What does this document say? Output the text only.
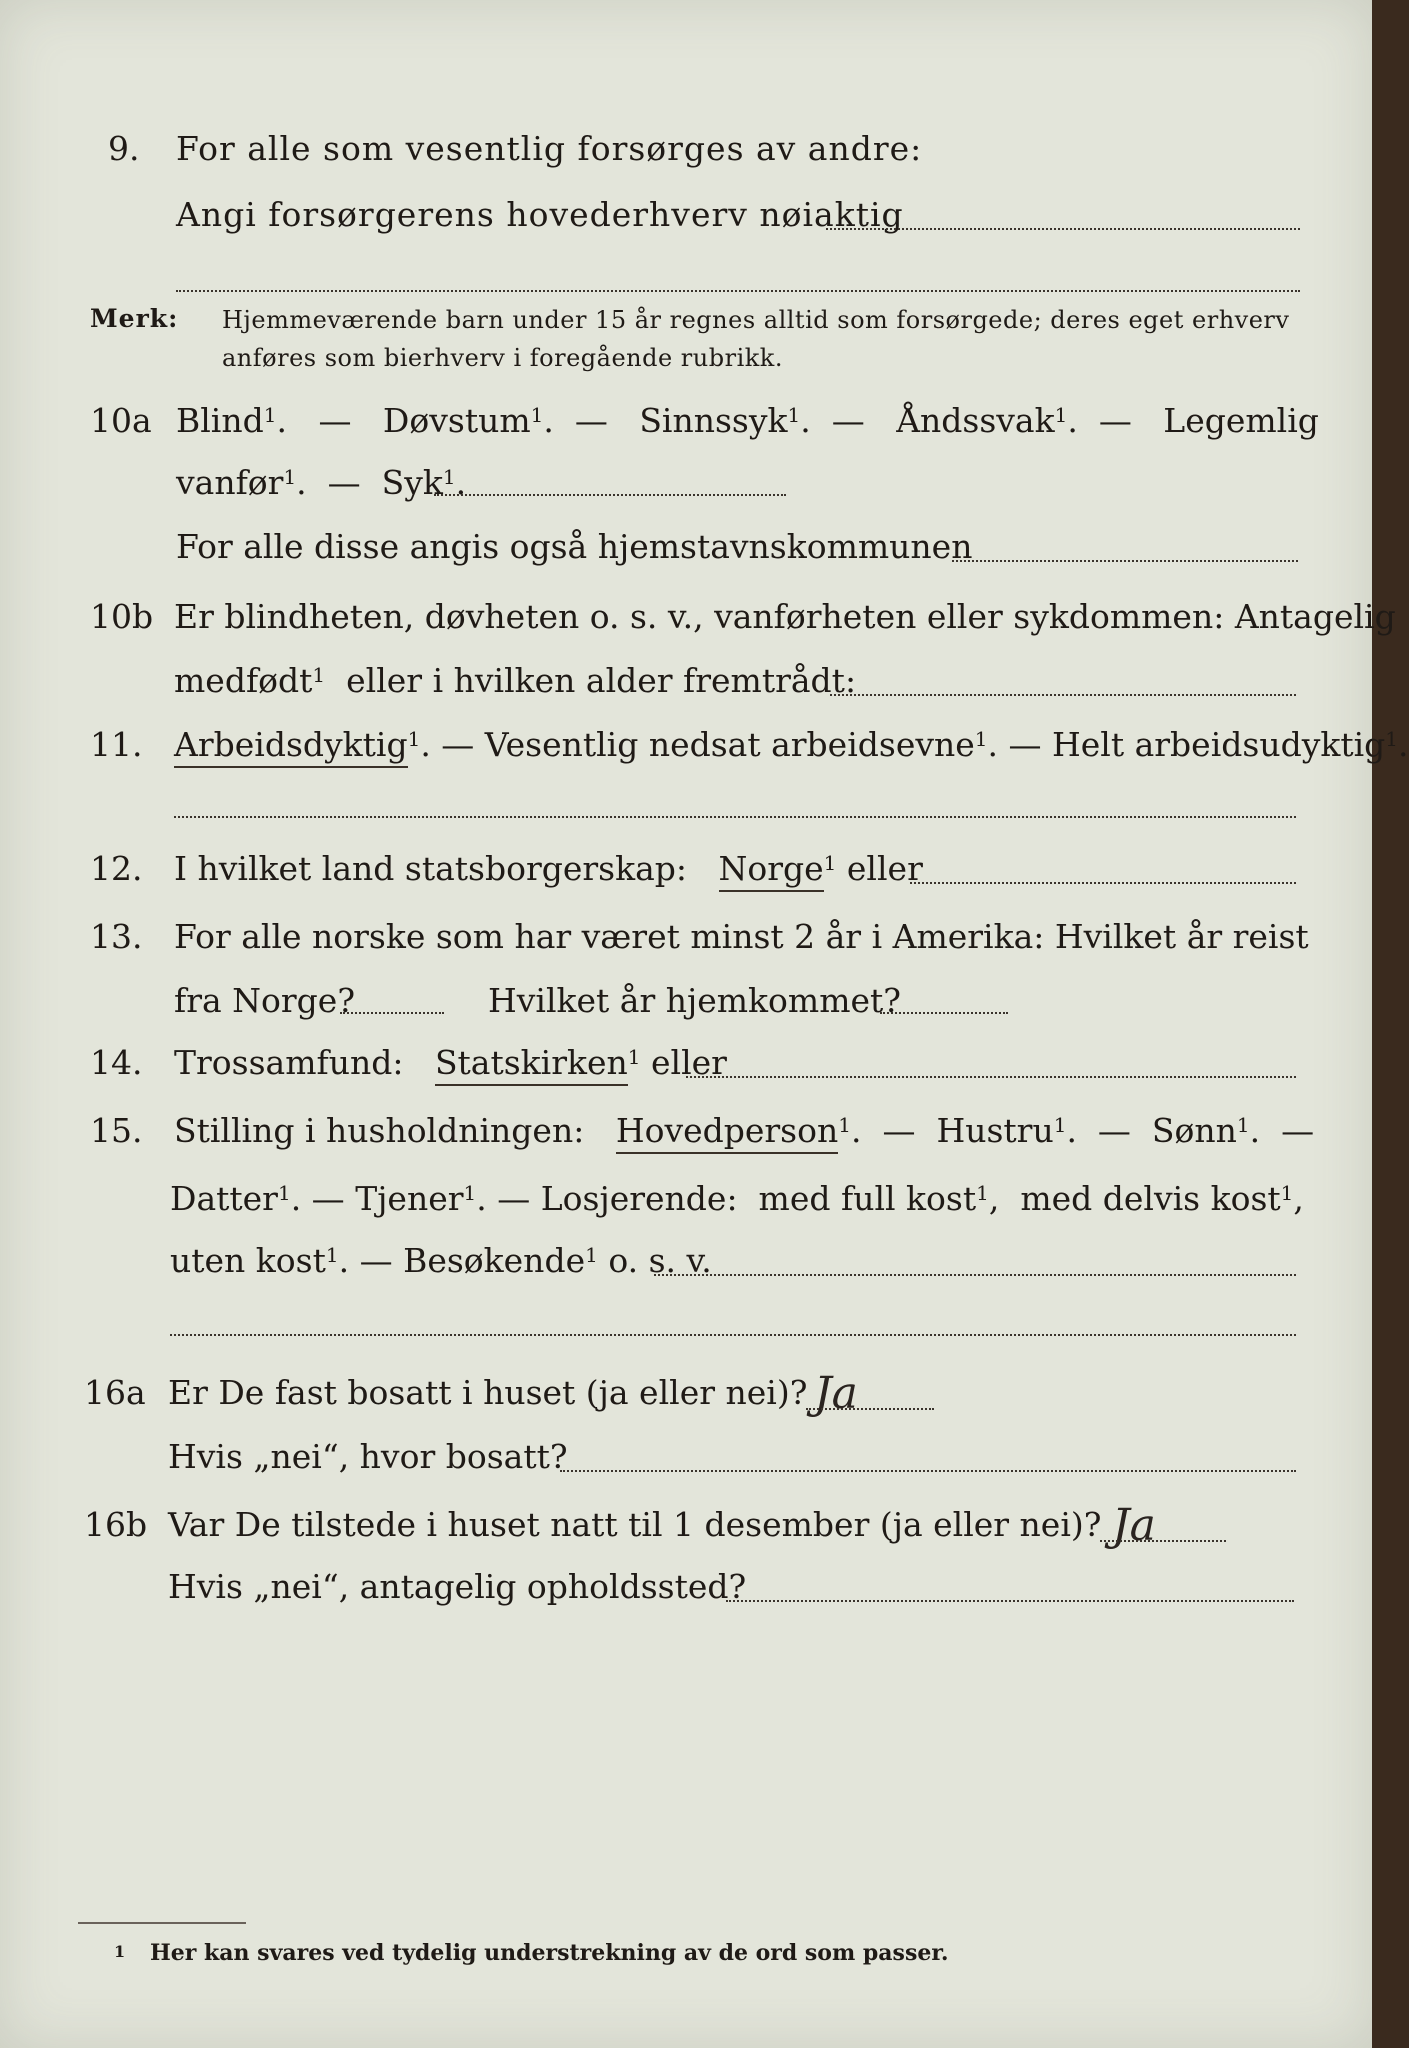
9. For alle som vesentlig forsørges av andre:
Angi forsørgerens hovederhverv nøiaktig
Merk: Hjemmeværende barn under 15 år regnes alltid som forsørgede; deres eget erhverv
anføres som bierhverv i foregående rubrikk.
10a Blind$^1$.   —   Døvstum$^1$.  —   Sinnssyk$^1$.  —   Åndssvak$^1$.  —   Legemlig
vanfør$^1$.  —  Syk$^1$.
For alle disse angis også hjemstavnskommunen
10b Er blindheten, døvheten o. s. v., vanførheten eller sykdommen: Antagelig
medfødt$^1$ eller i hvilken alder fremtrådt:
11. Arbeidsdyktig$^1$. — Vesentlig nedsat arbeidsevne$^1$. — Helt arbeidsudyktig$^1$.
12. I hvilket land statsborgerskap: Norge$^1$ eller
13. For alle norske som har været minst 2 år i Amerika: Hvilket år reist
fra Norge?	Hvilket år hjemkommet?
14. Trossamfund: Statskirken$^1$ eller
15. Stilling i husholdningen: Hovedperson$^1$.  —  Hustru$^1$.  —  Sønn$^1$.  —
Datter$^1$. — Tjener$^1$. — Losjerende: med full kost$^1$,  med delvis kost$^1$,
uten kost$^1$. — Besøkende$^1$ o. s. v.
16a Er De fast bosatt i huset (ja eller nei)? Ja
Hvis „nei“, hvor bosatt?
16b Var De tilstede i huset natt til 1 desember (ja eller nei)? Ja
Hvis „nei“, antagelig opholdssted?
1 Her kan svares ved tydelig understrekning av de ord som passer.
